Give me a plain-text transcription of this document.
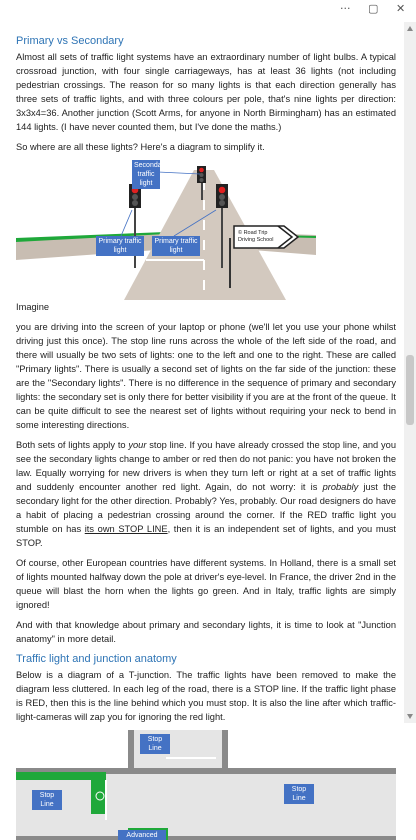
··· ▢ ✕
Primary vs Secondary

Almost all sets of traffic light systems have an extraordinary number of light bulbs. A typical crossroad junction, with four single carriageways, has at least 36 lights (not including pedestrian crossings. The reason for so many lights is that each direction generally has three sets of traffic lights, and with three colours per pole, that's nine lights per direction: 3x3x4=36. Another junction (Scott Arms, for anyone in North Birmingham) has an estimated 144 lights. (I have never counted them, but I've done the maths.)

So where are all these lights? Here's a diagram to simplify it.

Secondary traffic light
Primary traffic light
Primary traffic light
© Road Trip Driving School

Imagine

you are driving into the screen of your laptop or phone (we'll let you use your phone whilst driving just this once). The stop line runs across the whole of the left side of the road, and there will usually be two sets of lights: one to the left and one to the right. These are called "Primary lights". There is usually a second set of lights on the far side of the junction: these are the "Secondary lights". There is no difference in the sequence of primary and secondary lights: the secondary set is only there for better visibility if you are at the front of the queue. It can be quite difficult to see the nearest set of lights without requiring your neck to bend in some interesting directions.

Both sets of lights apply to your stop line. If you have already crossed the stop line, and you see the secondary lights change to amber or red then do not panic: you have not broken the law. Equally worrying for new drivers is when they turn left or right at a set of traffic lights and suddenly encounter another red light. Again, do not worry: it is probably just the secondary light for the other direction. Probably? Yes, probably. Our road designers do have a habit of placing a pedestrian crossing around the corner. If the RED traffic light you stumble on has its own STOP LINE, then it is an independent set of lights, and you must STOP.

Of course, other European countries have different systems. In Holland, there is a small set of lights mounted halfway down the pole at driver's eye-level. In France, the driver 2nd in the queue will blast the horn when the lights go green. And in Italy, traffic lights are simply ignored!

And with that knowledge about primary and secondary lights, it is time to look at "Junction anatomy" in more detail.

Traffic light and junction anatomy

Below is a diagram of a T-junction. The traffic lights have been removed to make the diagram less cluttered. In each leg of the road, there is a STOP line. If the traffic light phase is RED, then this is the line behind which you must stop. It is also the line after which traffic-light-cameras will zap you for ignoring the red light.

Stop Line
Stop Line
Stop Line
Advanced
